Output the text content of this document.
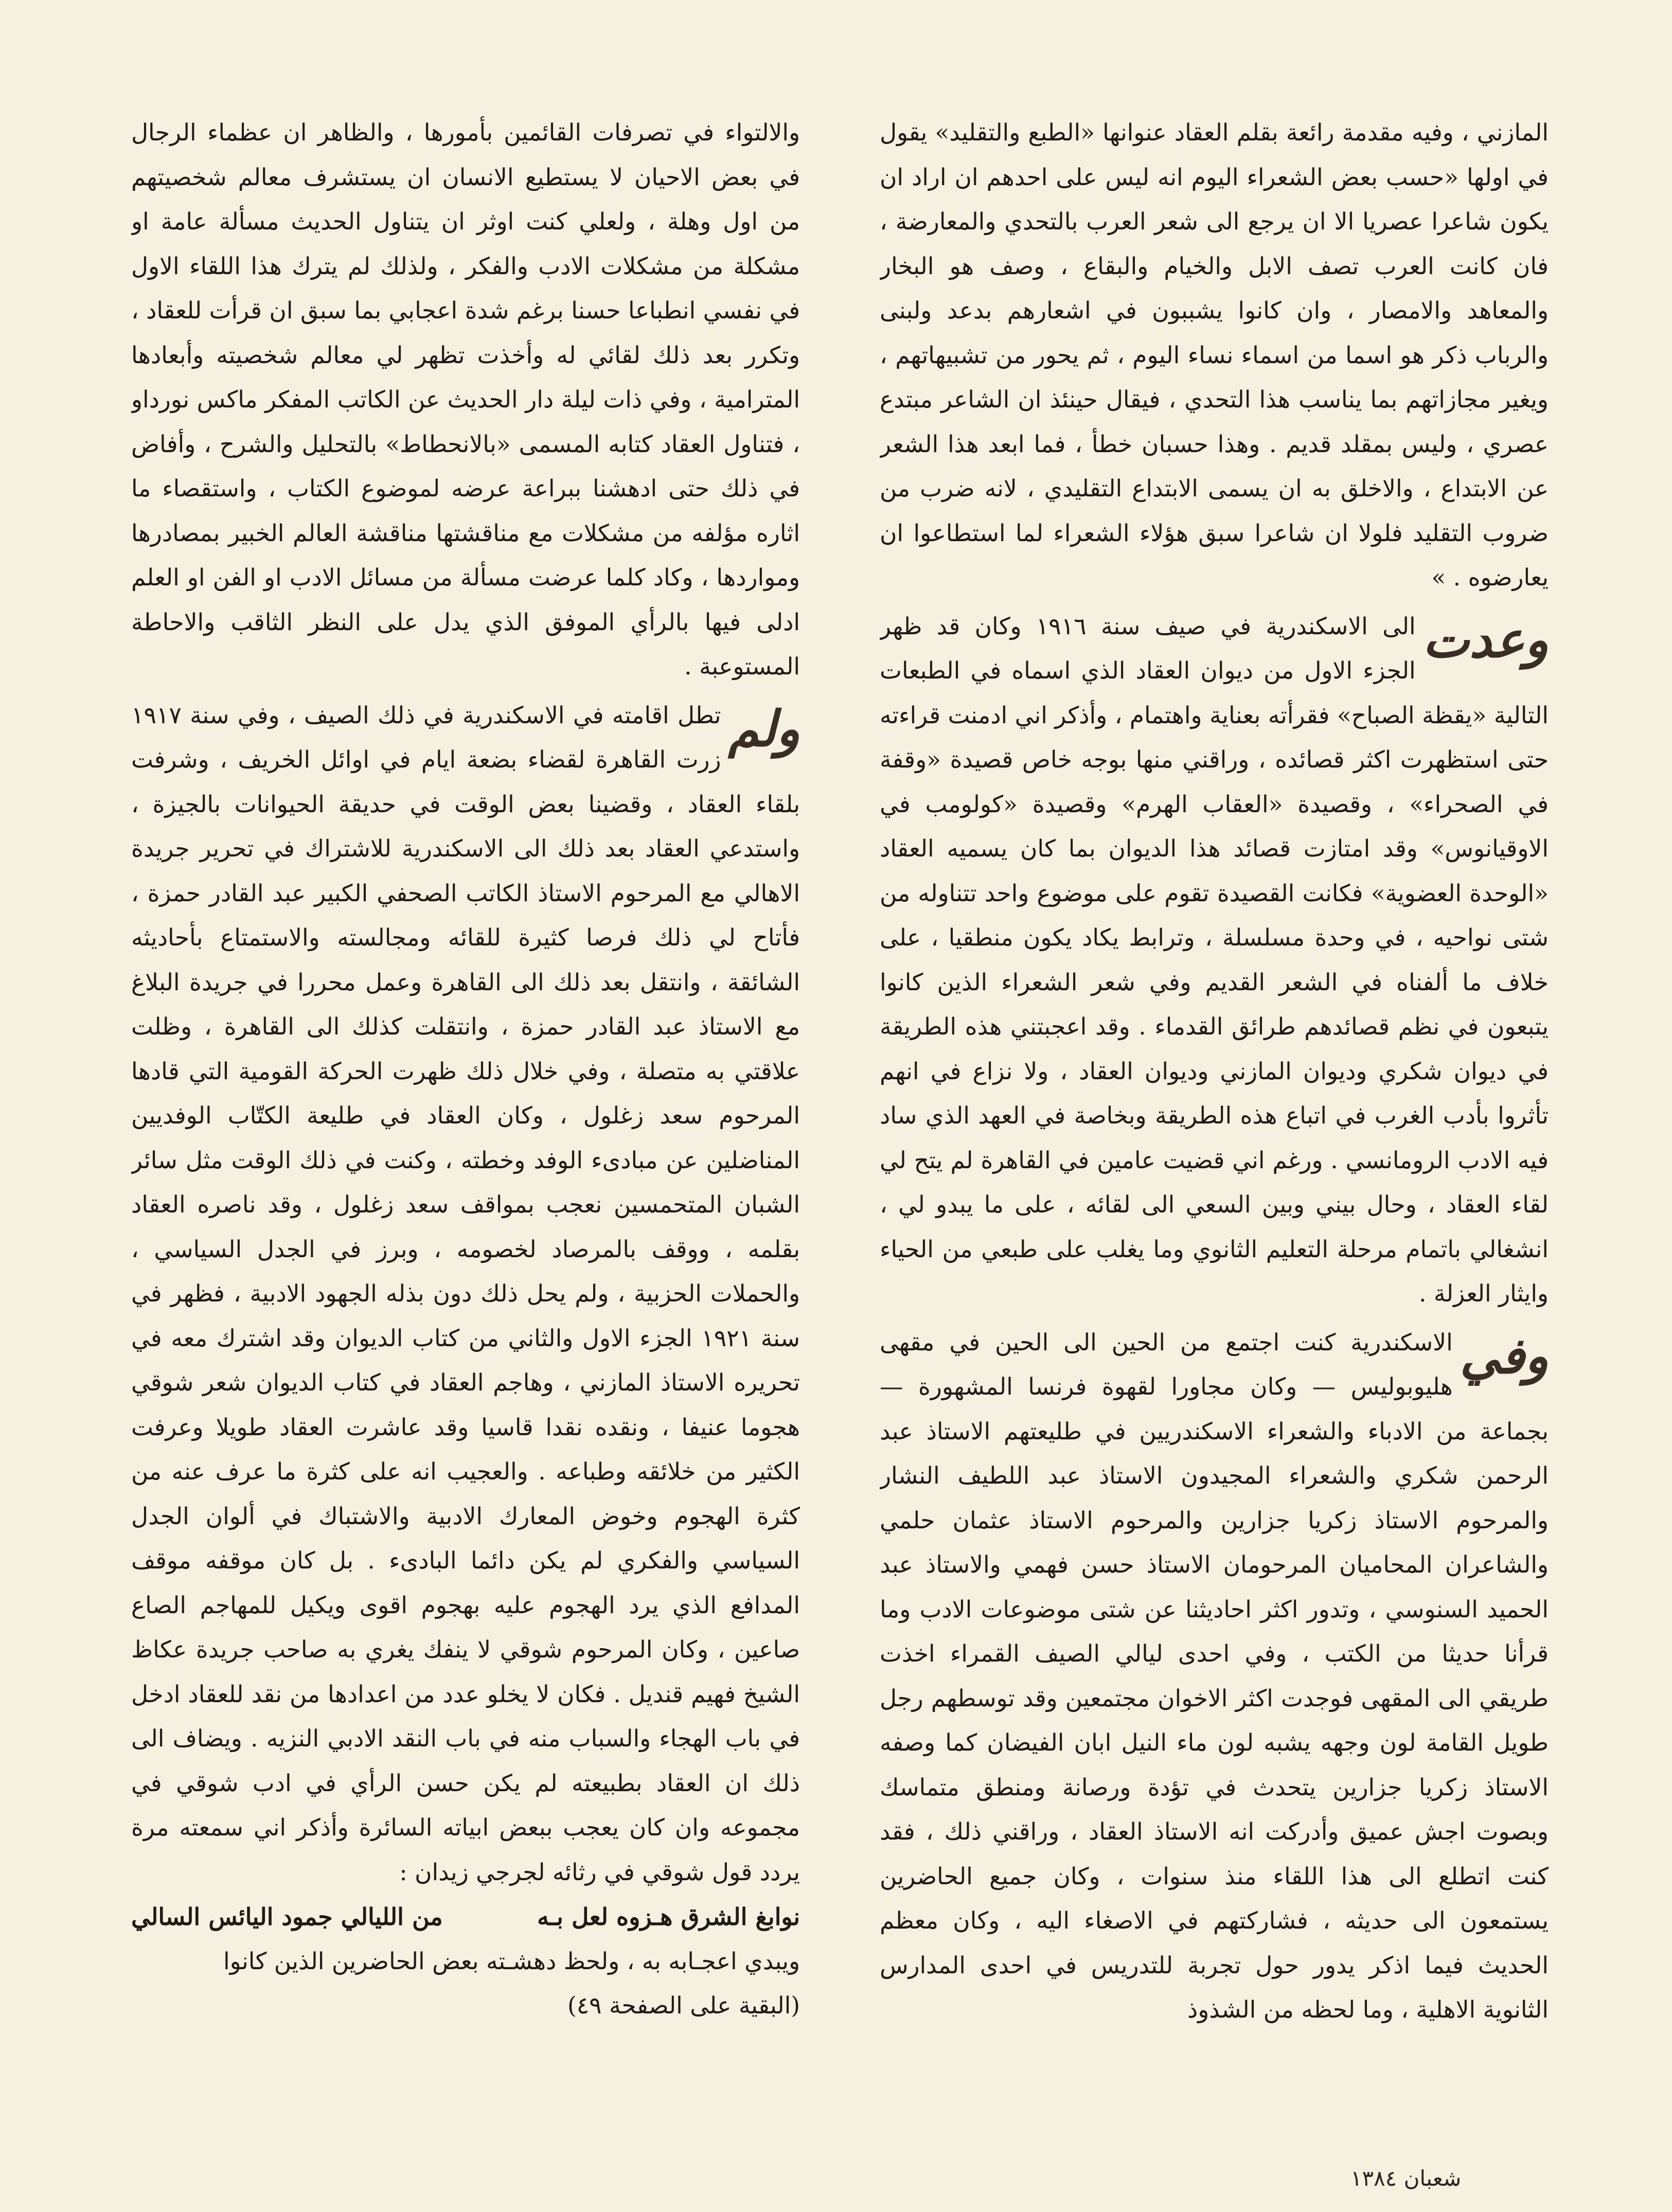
المازني ، وفيه مقدمة رائعة بقلم العقاد عنوانها «الطبع والتقليد» يقول في اولها «حسب بعض الشعراء اليوم انه ليس على احدهم ان اراد ان يكون شاعرا عصريا الا ان يرجع الى شعر العرب بالتحدي والمعارضة ، فان كانت العرب تصف الابل والخيام والبقاع ، وصف هو البخار والمعاهد والامصار ، وان كانوا يشببون في اشعارهم بدعد ولبنى والرباب ذكر هو اسما من اسماء نساء اليوم ، ثم يحور من تشبيهاتهم ، ويغير مجازاتهم بما يناسب هذا التحدي ، فيقال حينئذ ان الشاعر مبتدع عصري ، وليس بمقلد قديم . وهذا حسبان خطأ ، فما ابعد هذا الشعر عن الابتداع ، والاخلق به ان يسمى الابتداع التقليدي ، لانه ضرب من ضروب التقليد فلولا ان شاعرا سبق هؤلاء الشعراء لما استطاعوا ان يعارضوه . »

وعدت
الى الاسكندرية في صيف سنة ١٩١٦ وكان قد ظهر الجزء الاول من ديوان العقاد الذي اسماه في الطبعات التالية «يقظة الصباح» فقرأته بعناية واهتمام ، وأذكر اني ادمنت قراءته حتى استظهرت اكثر قصائده ، وراقني منها بوجه خاص قصيدة «وقفة في الصحراء» ، وقصيدة «العقاب الهرم» وقصيدة «كولومب في الاوقيانوس» وقد امتازت قصائد هذا الديوان بما كان يسميه العقاد «الوحدة العضوية» فكانت القصيدة تقوم على موضوع واحد تتناوله من شتى نواحيه ، في وحدة مسلسلة ، وترابط يكاد يكون منطقيا ، على خلاف ما ألفناه في الشعر القديم وفي شعر الشعراء الذين كانوا يتبعون في نظم قصائدهم طرائق القدماء . وقد اعجبتني هذه الطريقة في ديوان شكري وديوان المازني وديوان العقاد ، ولا نزاع في انهم تأثروا بأدب الغرب في اتباع هذه الطريقة وبخاصة في العهد الذي ساد فيه الادب الرومانسي . ورغم اني قضيت عامين في القاهرة لم يتح لي لقاء العقاد ، وحال بيني وبين السعي الى لقائه ، على ما يبدو لي ، انشغالي باتمام مرحلة التعليم الثانوي وما يغلب على طبعي من الحياء وايثار العزلة .

وفي
الاسكندرية كنت اجتمع من الحين الى الحين في مقهى هليوبوليس — وكان مجاورا لقهوة فرنسا المشهورة — بجماعة من الادباء والشعراء الاسكندريين في طليعتهم الاستاذ عبد الرحمن شكري والشعراء المجيدون الاستاذ عبد اللطيف النشار والمرحوم الاستاذ زكريا جزارين والمرحوم الاستاذ عثمان حلمي والشاعران المحاميان المرحومان الاستاذ حسن فهمي والاستاذ عبد الحميد السنوسي ، وتدور اكثر احاديثنا عن شتى موضوعات الادب وما قرأنا حديثا من الكتب ، وفي احدى ليالي الصيف القمراء اخذت طريقي الى المقهى فوجدت اكثر الاخوان مجتمعين وقد توسطهم رجل طويل القامة لون وجهه يشبه لون ماء النيل ابان الفيضان كما وصفه الاستاذ زكريا جزارين يتحدث في تؤدة ورصانة ومنطق متماسك وبصوت اجش عميق وأدركت انه الاستاذ العقاد ، وراقني ذلك ، فقد كنت اتطلع الى هذا اللقاء منذ سنوات ، وكان جميع الحاضرين يستمعون الى حديثه ، فشاركتهم في الاصغاء اليه ، وكان معظم الحديث فيما اذكر يدور حول تجربة للتدريس في احدى المدارس الثانوية الاهلية ، وما لحظه من الشذوذ

والالتواء في تصرفات القائمين بأمورها ، والظاهر ان عظماء الرجال في بعض الاحيان لا يستطيع الانسان ان يستشرف معالم شخصيتهم من اول وهلة ، ولعلي كنت اوثر ان يتناول الحديث مسألة عامة او مشكلة من مشكلات الادب والفكر ، ولذلك لم يترك هذا اللقاء الاول في نفسي انطباعا حسنا برغم شدة اعجابي بما سبق ان قرأت للعقاد ، وتكرر بعد ذلك لقائي له وأخذت تظهر لي معالم شخصيته وأبعادها المترامية ، وفي ذات ليلة دار الحديث عن الكاتب المفكر ماكس نورداو ، فتناول العقاد كتابه المسمى «بالانحطاط» بالتحليل والشرح ، وأفاض في ذلك حتى ادهشنا ببراعة عرضه لموضوع الكتاب ، واستقصاء ما اثاره مؤلفه من مشكلات مع مناقشتها مناقشة العالم الخبير بمصادرها ومواردها ، وكاد كلما عرضت مسألة من مسائل الادب او الفن او العلم ادلى فيها بالرأي الموفق الذي يدل على النظر الثاقب والاحاطة المستوعبة .

ولم
تطل اقامته في الاسكندرية في ذلك الصيف ، وفي سنة ١٩١٧ زرت القاهرة لقضاء بضعة ايام في اوائل الخريف ، وشرفت بلقاء العقاد ، وقضينا بعض الوقت في حديقة الحيوانات بالجيزة ، واستدعي العقاد بعد ذلك الى الاسكندرية للاشتراك في تحرير جريدة الاهالي مع المرحوم الاستاذ الكاتب الصحفي الكبير عبد القادر حمزة ، فأتاح لي ذلك فرصا كثيرة للقائه ومجالسته والاستمتاع بأحاديثه الشائقة ، وانتقل بعد ذلك الى القاهرة وعمل محررا في جريدة البلاغ مع الاستاذ عبد القادر حمزة ، وانتقلت كذلك الى القاهرة ، وظلت علاقتي به متصلة ، وفي خلال ذلك ظهرت الحركة القومية التي قادها المرحوم سعد زغلول ، وكان العقاد في طليعة الكتّاب الوفديين المناضلين عن مبادىء الوفد وخطته ، وكنت في ذلك الوقت مثل سائر الشبان المتحمسين نعجب بمواقف سعد زغلول ، وقد ناصره العقاد بقلمه ، ووقف بالمرصاد لخصومه ، وبرز في الجدل السياسي ، والحملات الحزبية ، ولم يحل ذلك دون بذله الجهود الادبية ، فظهر في سنة ١٩٢١ الجزء الاول والثاني من كتاب الديوان وقد اشترك معه في تحريره الاستاذ المازني ، وهاجم العقاد في كتاب الديوان شعر شوقي هجوما عنيفا ، ونقده نقدا قاسيا وقد عاشرت العقاد طويلا وعرفت الكثير من خلائقه وطباعه . والعجيب انه على كثرة ما عرف عنه من كثرة الهجوم وخوض المعارك الادبية والاشتباك في ألوان الجدل السياسي والفكري لم يكن دائما البادىء . بل كان موقفه موقف المدافع الذي يرد الهجوم عليه بهجوم اقوى ويكيل للمهاجم الصاع صاعين ، وكان المرحوم شوقي لا ينفك يغري به صاحب جريدة عكاظ الشيخ فهيم قنديل . فكان لا يخلو عدد من اعدادها من نقد للعقاد ادخل في باب الهجاء والسباب منه في باب النقد الادبي النزيه . ويضاف الى ذلك ان العقاد بطبيعته لم يكن حسن الرأي في ادب شوقي في مجموعه وان كان يعجب ببعض ابياته السائرة وأذكر اني سمعته مرة يردد قول شوقي في رثائه لجرجي زيدان :

نوابغ الشرق هـزوه لعل بـه
من الليالي جمود اليائس السالي

ويبدي اعجـابه به ، ولحظ دهشـته بعض الحاضرين الذين كانوا

(البقية على الصفحة ٤٩)

شعبان ١٣٨٤
